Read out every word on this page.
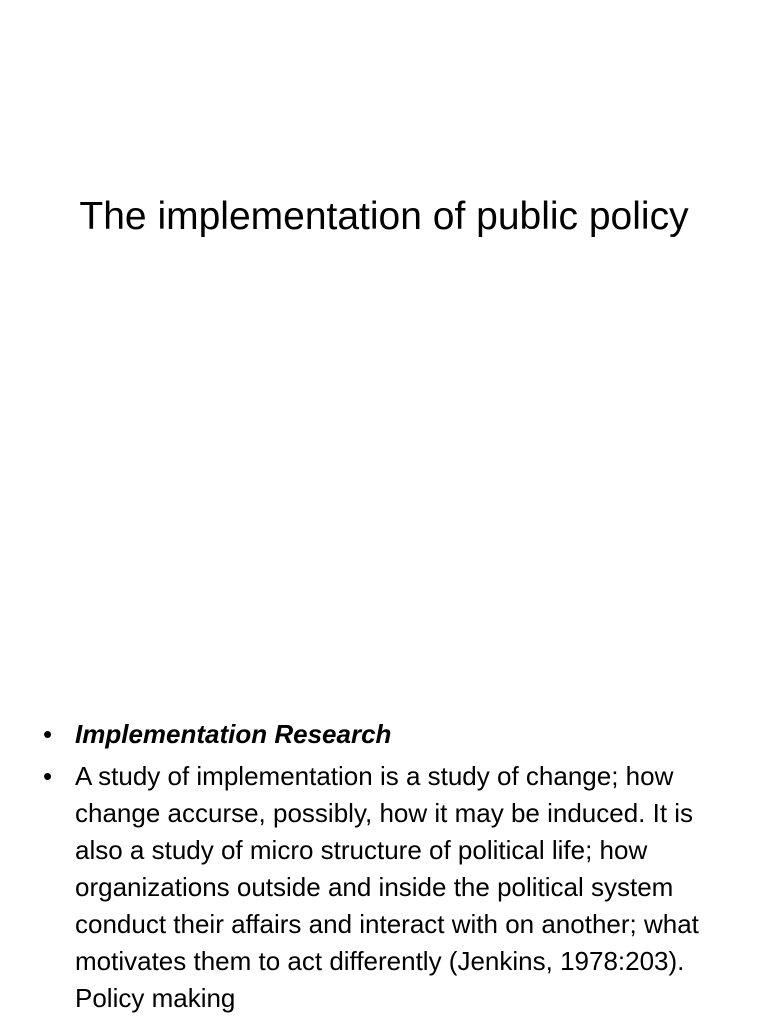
The implementation of public policy
• Implementation Research
• A study of implementation is a study of change; how change accurse, possibly, how it may be induced. It is also a study of micro structure of political life; how organizations outside and inside the political system conduct their affairs and interact with on another; what motivates them to act differently (Jenkins, 1978:203). Policy making
